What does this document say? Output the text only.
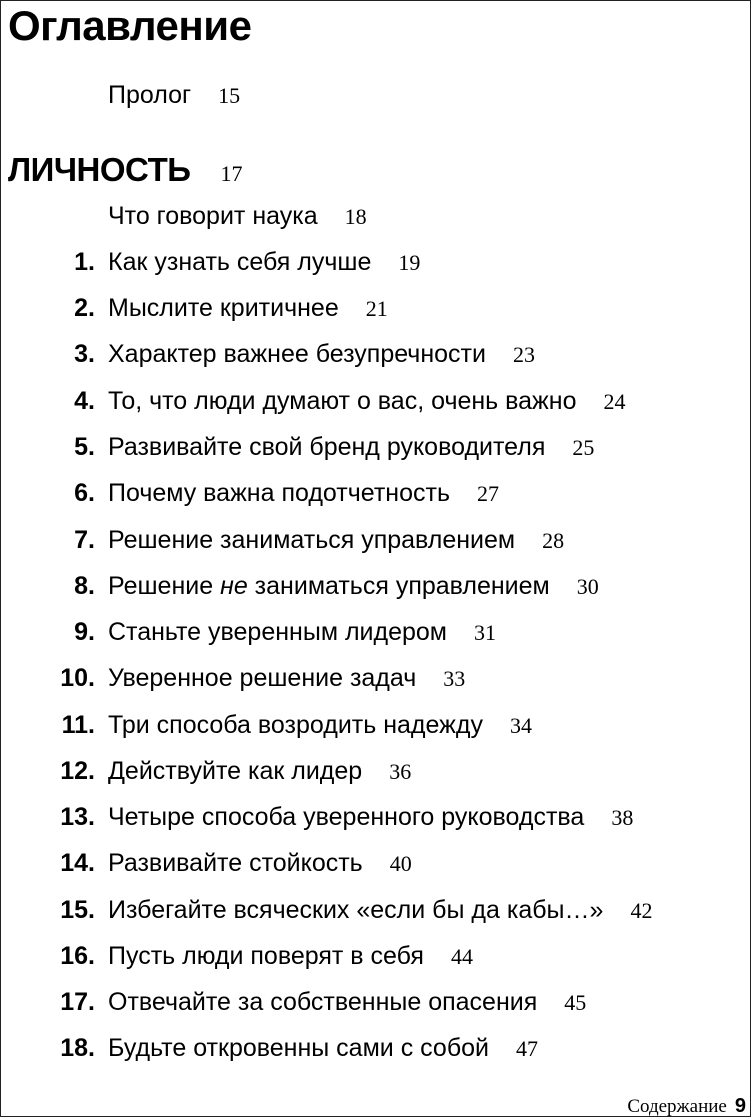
Оглавление
Пролог 15
ЛИЧНОСТЬ 17
Что говорит наука 18
1. Как узнать себя лучше 19
2. Мыслите критичнее 21
3. Характер важнее безупречности 23
4. То, что люди думают о вас, очень важно 24
5. Развивайте свой бренд руководителя 25
6. Почему важна подотчетность 27
7. Решение заниматься управлением 28
8. Решение не заниматься управлением 30
9. Станьте уверенным лидером 31
10. Уверенное решение задач 33
11. Три способа возродить надежду 34
12. Действуйте как лидер 36
13. Четыре способа уверенного руководства 38
14. Развивайте стойкость 40
15. Избегайте всяческих «если бы да кабы…» 42
16. Пусть люди поверят в себя 44
17. Отвечайте за собственные опасения 45
18. Будьте откровенны сами с собой 47
Содержание 9
